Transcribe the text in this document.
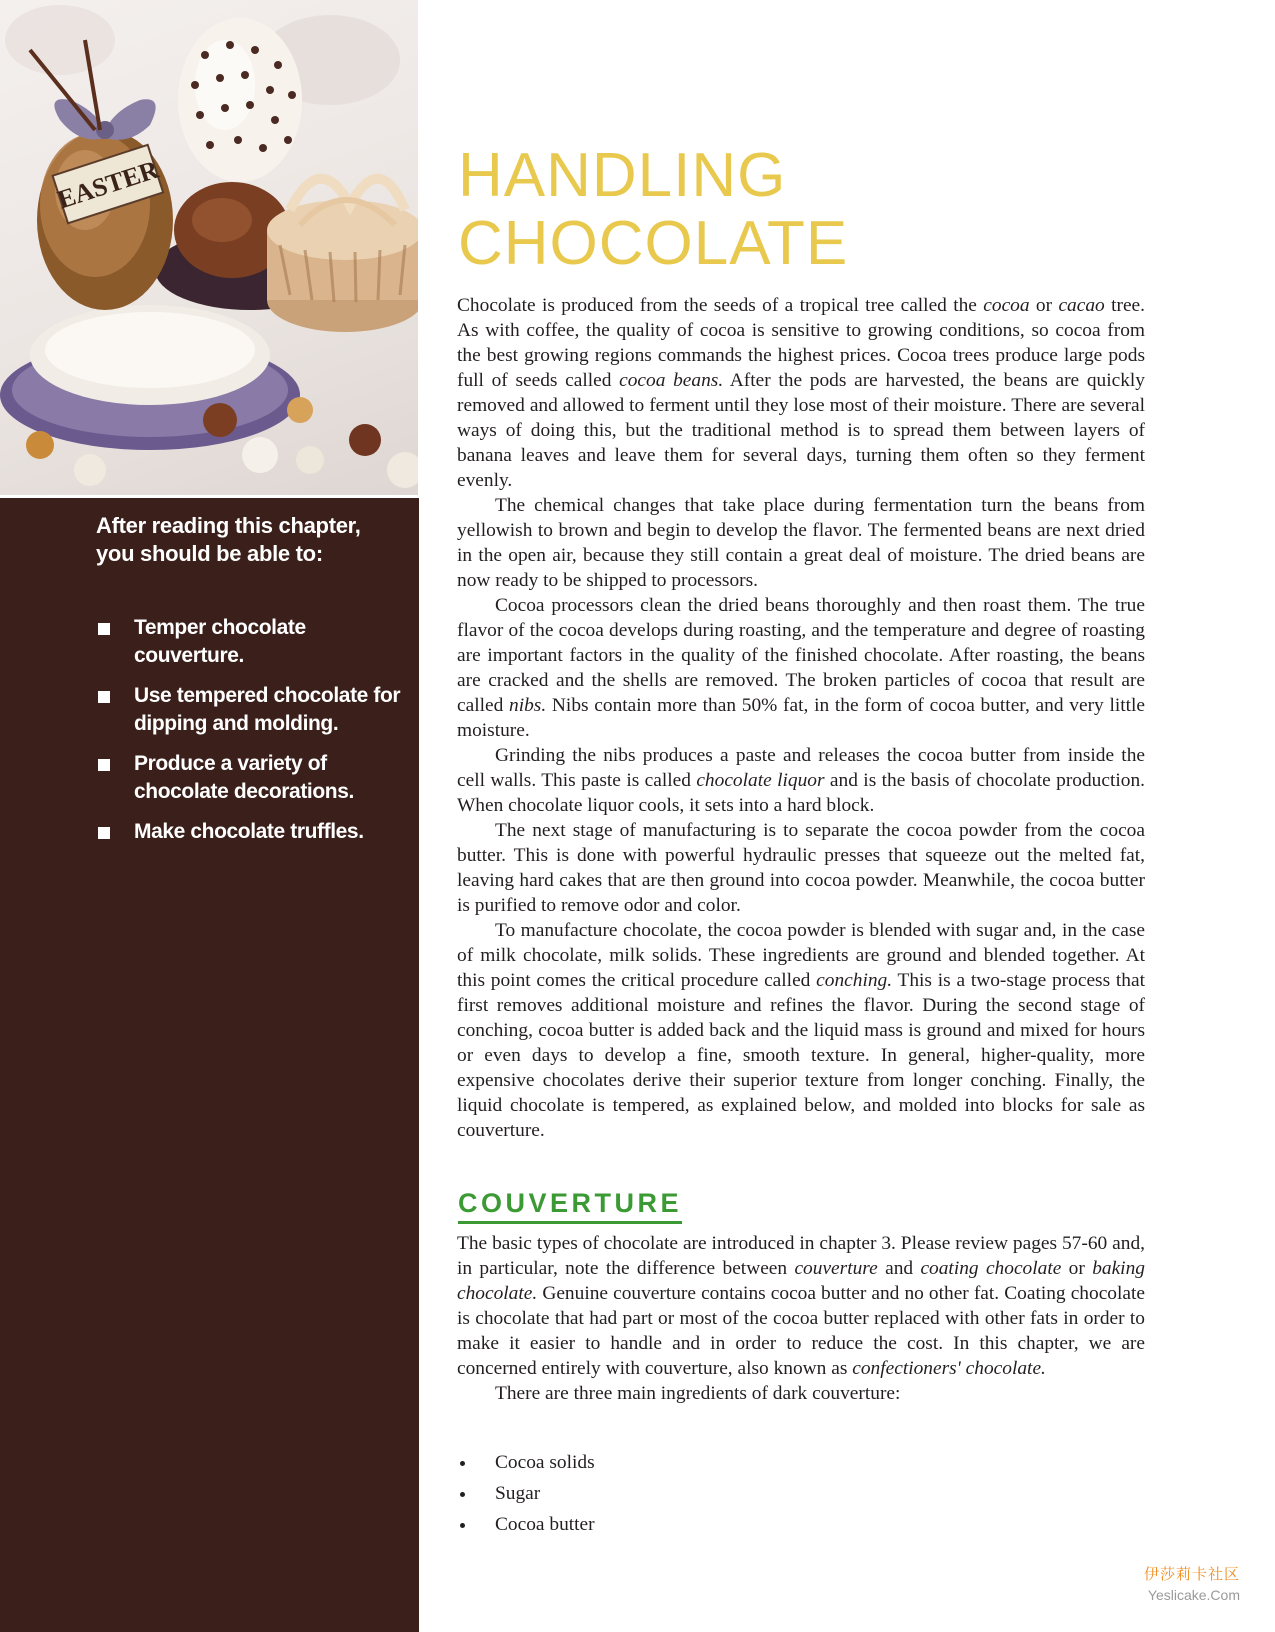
EASTER

After reading this chapter, you should be able to:

Temper chocolate couverture.
Use tempered chocolate for dipping and molding.
Produce a variety of chocolate decorations.
Make chocolate truffles.
HANDLING
CHOCOLATE

Chocolate is produced from the seeds of a tropical tree called the cocoa or cacao tree. As with coffee, the quality of cocoa is sensitive to growing conditions, so cocoa from the best growing regions commands the highest prices. Cocoa trees produce large pods full of seeds called cocoa beans. After the pods are harvested, the beans are quickly removed and allowed to ferment until they lose most of their moisture. There are several ways of doing this, but the traditional method is to spread them between layers of banana leaves and leave them for several days, turning them often so they ferment evenly.

The chemical changes that take place during fermentation turn the beans from yellowish to brown and begin to develop the flavor. The fermented beans are next dried in the open air, because they still contain a great deal of moisture. The dried beans are now ready to be shipped to processors.

Cocoa processors clean the dried beans thoroughly and then roast them. The true flavor of the cocoa develops during roasting, and the temperature and degree of roasting are important factors in the quality of the finished chocolate. After roasting, the beans are cracked and the shells are removed. The broken particles of cocoa that result are called nibs. Nibs contain more than 50% fat, in the form of cocoa butter, and very little moisture.

Grinding the nibs produces a paste and releases the cocoa butter from inside the cell walls. This paste is called chocolate liquor and is the basis of chocolate production. When chocolate liquor cools, it sets into a hard block.

The next stage of manufacturing is to separate the cocoa powder from the cocoa butter. This is done with powerful hydraulic presses that squeeze out the melted fat, leaving hard cakes that are then ground into cocoa powder. Meanwhile, the cocoa butter is purified to remove odor and color.

To manufacture chocolate, the cocoa powder is blended with sugar and, in the case of milk chocolate, milk solids. These ingredients are ground and blended together. At this point comes the critical procedure called conching. This is a two-stage process that first removes additional moisture and refines the flavor. During the second stage of conching, cocoa butter is added back and the liquid mass is ground and mixed for hours or even days to develop a fine, smooth texture. In general, higher-quality, more expensive chocolates derive their superior texture from longer conching. Finally, the liquid chocolate is tempered, as explained below, and molded into blocks for sale as couverture.

COUVERTURE

The basic types of chocolate are introduced in chapter 3. Please review pages 57-60 and, in particular, note the difference between couverture and coating chocolate or baking chocolate. Genuine couverture contains cocoa butter and no other fat. Coating chocolate is chocolate that had part or most of the cocoa butter replaced with other fats in order to make it easier to handle and in order to reduce the cost. In this chapter, we are concerned entirely with couverture, also known as confectioners' chocolate.

There are three main ingredients of dark couverture:

Cocoa solids
Sugar
Cocoa butter
伊莎莉卡社区
Yeslicake.Com
